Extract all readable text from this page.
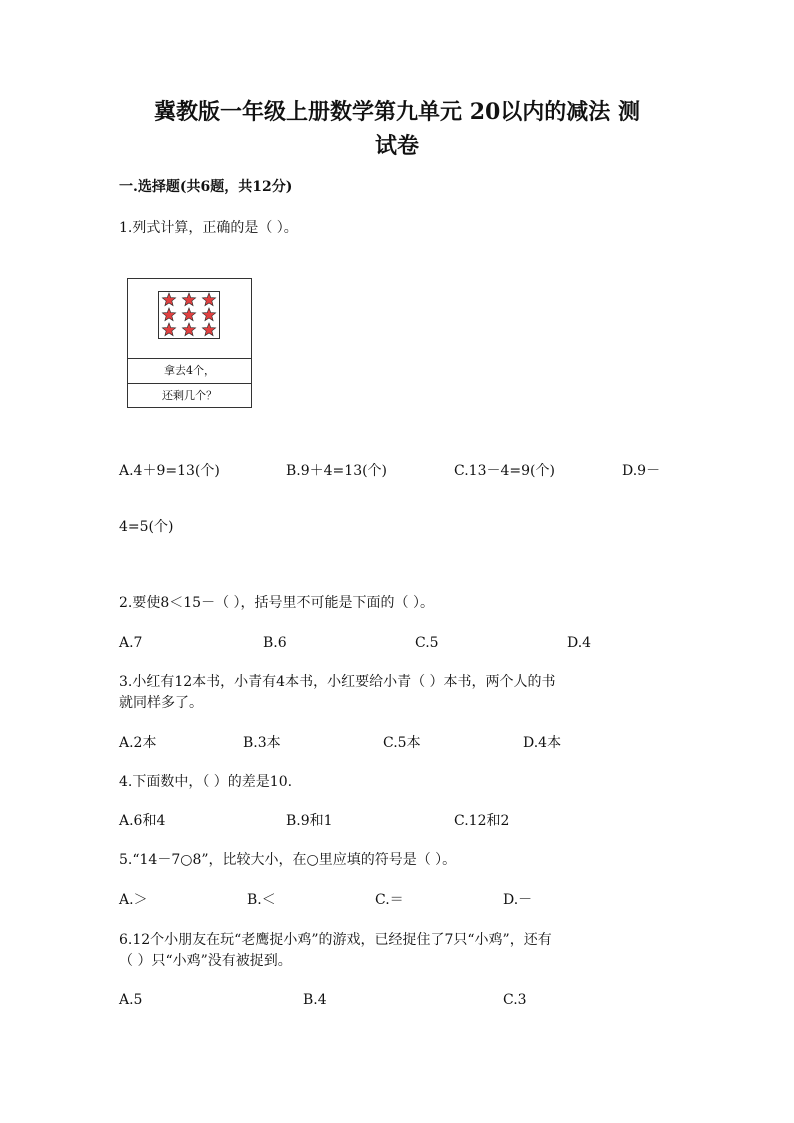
冀教版一年级上册数学第九单元 20以内的减法 测
试卷
一.选择题(共6题，共12分)
1.列式计算，正确的是（ ）。
拿去4个，
还剩几个？
A.4＋9=13(个)	B.9＋4=13(个)	C.13－4=9(个)	D.9－
4=5(个)
2.要使8＜15－（ ），括号里不可能是下面的（ ）。
A.7	B.6	C.5	D.4
3.小红有12本书，小青有4本书，小红要给小青（ ）本书，两个人的书
就同样多了。
A.2本	B.3本	C.5本	D.4本
4.下面数中，（ ）的差是10.
A.6和4	B.9和1	C.12和2
5.“14－7○8”，比较大小，在○里应填的符号是（ ）。
A.＞	B.＜	C.＝	D.－
6.12个小朋友在玩“老鹰捉小鸡”的游戏，已经捉住了7只“小鸡”，还有
（ ）只“小鸡”没有被捉到。
A.5	B.4	C.3
